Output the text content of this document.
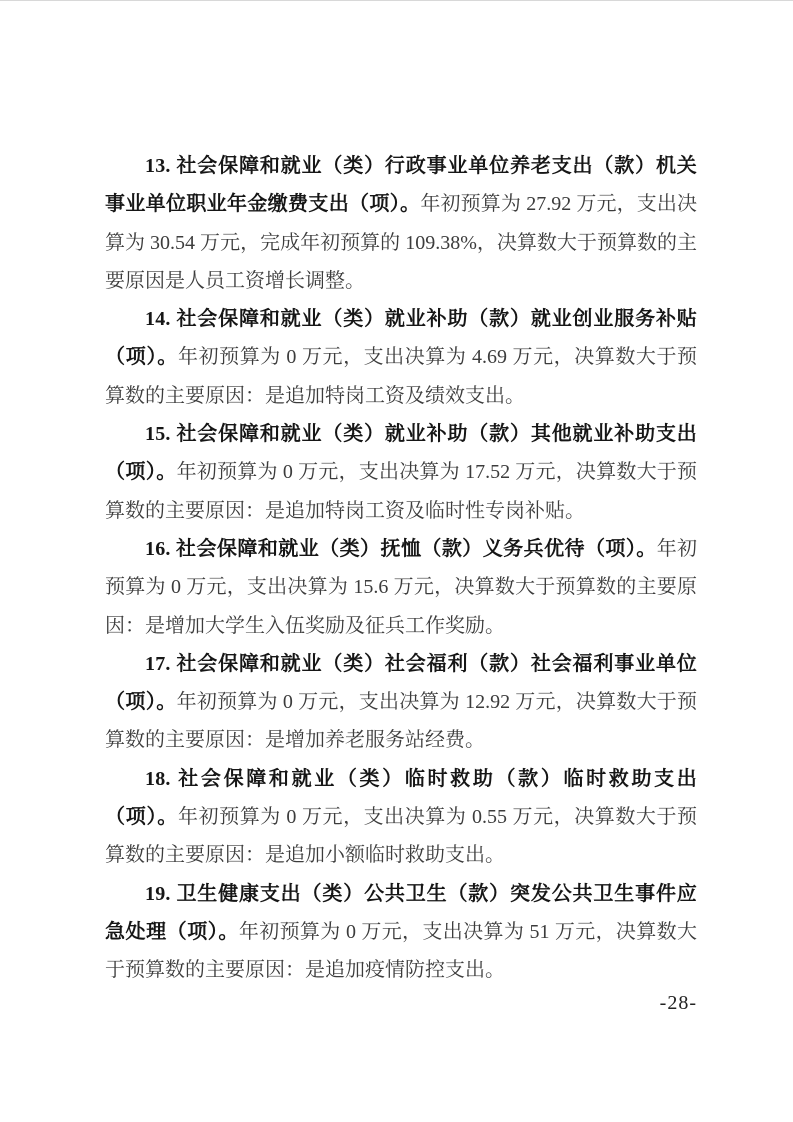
13. 社会保障和就业（类）行政事业单位养老支出（款）机关事业单位职业年金缴费支出（项）。年初预算为 27.92 万元，支出决算为 30.54 万元，完成年初预算的 109.38%，决算数大于预算数的主要原因是人员工资增长调整。

14. 社会保障和就业（类）就业补助（款）就业创业服务补贴（项）。年初预算为 0 万元，支出决算为 4.69 万元，决算数大于预算数的主要原因：是追加特岗工资及绩效支出。

15. 社会保障和就业（类）就业补助（款）其他就业补助支出（项）。年初预算为 0 万元，支出决算为 17.52 万元，决算数大于预算数的主要原因：是追加特岗工资及临时性专岗补贴。

16. 社会保障和就业（类）抚恤（款）义务兵优待（项）。年初预算为 0 万元，支出决算为 15.6 万元，决算数大于预算数的主要原因：是增加大学生入伍奖励及征兵工作奖励。

17. 社会保障和就业（类）社会福利（款）社会福利事业单位（项）。年初预算为 0 万元，支出决算为 12.92 万元，决算数大于预算数的主要原因：是增加养老服务站经费。

18. 社会保障和就业（类）临时救助（款）临时救助支出（项）。年初预算为 0 万元，支出决算为 0.55 万元，决算数大于预算数的主要原因：是追加小额临时救助支出。

19. 卫生健康支出（类）公共卫生（款）突发公共卫生事件应急处理（项）。年初预算为 0 万元，支出决算为 51 万元，决算数大于预算数的主要原因：是追加疫情防控支出。

-28-
